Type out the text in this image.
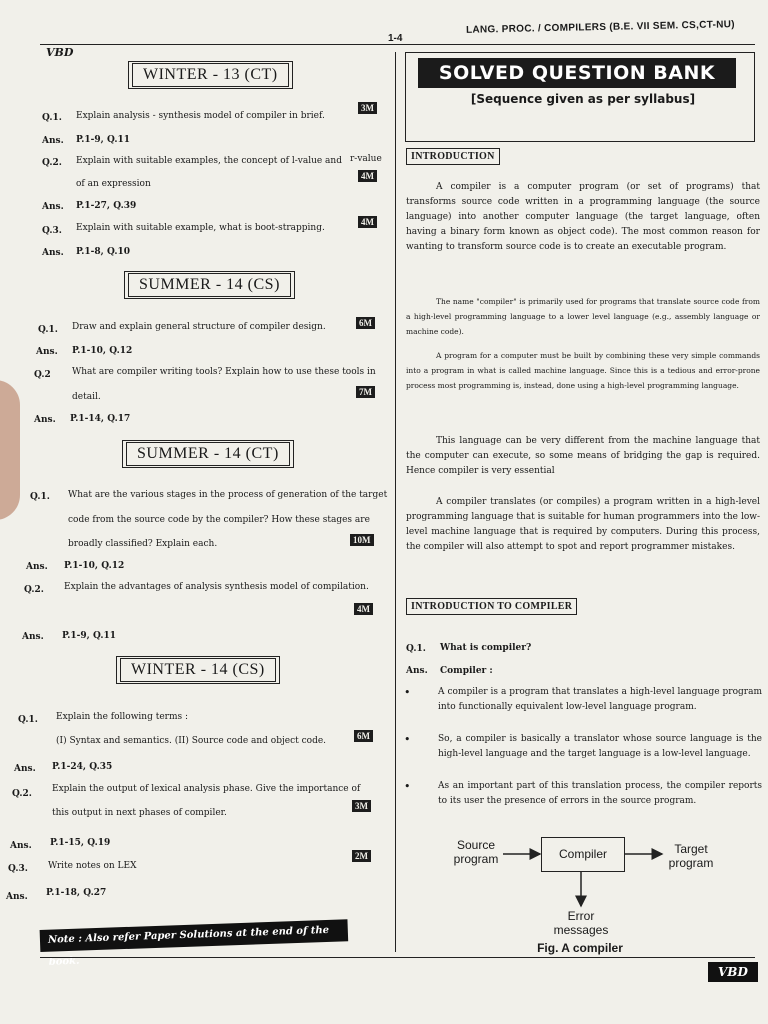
VBD
1-4
LANG. PROC. / COMPILERS (B.E. VII SEM. CS,CT-NU)
WINTER - 13 (CT)
Q.1. Explain analysis - synthesis model of compiler in brief.
3M
Ans. P.1-9, Q.11
Q.2. Explain with suitable examples, the concept of l-value and r-value
of an expression
4M
Ans. P.1-27, Q.39
Q.3. Explain with suitable example, what is boot-strapping.
4M
Ans. P.1-8, Q.10
SUMMER - 14 (CS)
Q.1. Draw and explain general structure of compiler design.	6M
Ans. P.1-10, Q.12
Q.2 What are compiler writing tools? Explain how to use these tools in
detail.	7M
Ans. P.1-14, Q.17
SUMMER - 14 (CT)
Q.1. What are the various stages in the process of generation of the target
code from the source code by the compiler? How these stages are
broadly classified? Explain each.	10M
Ans. P.1-10, Q.12
Q.2. Explain the advantages of analysis synthesis model of compilation.
4M
Ans. P.1-9, Q.11
WINTER - 14 (CS)
Q.1. Explain the following terms :
(I) Syntax and semantics. (II) Source code and object code.	6M
Ans. P.1-24, Q.35
Q.2. Explain the output of lexical analysis phase. Give the importance of
this output in next phases of compiler.
3M
Ans. P.1-15, Q.19
Q.3. Write notes on LEX
2M
Ans. P.1-18, Q.27
Note : Also refer Paper Solutions at the end of the book.
SOLVED QUESTION BANK
[Sequence given as per syllabus]
INTRODUCTION
A compiler is a computer program (or set of programs) that transforms source code written in a programming language (the source language) into another computer language (the target language, often having a binary form known as object code). The most common reason for wanting to transform source code is to create an executable program.
The name "compiler" is primarily used for programs that translate source code from a high-level programming language to a lower level language (e.g., assembly language or machine code).
A program for a computer must be built by combining these very simple commands into a program in what is called machine language. Since this is a tedious and error-prone process most programming is, instead, done using a high-level programming language.
This language can be very different from the machine language that the computer can execute, so some means of bridging the gap is required. Hence compiler is very essential
A compiler translates (or compiles) a program written in a high-level programming language that is suitable for human programmers into the low-level machine language that is required by computers. During this process, the compiler will also attempt to spot and report programmer mistakes.
INTRODUCTION TO COMPILER
Q.1. What is compiler?
Ans. Compiler :
•	A compiler is a program that translates a high-level language program into functionally equivalent low-level language program.
•	So, a compiler is basically a translator whose source language is the high-level language and the target language is a low-level language.
•	As an important part of this translation process, the compiler reports to its user the presence of errors in the source program.
Source program	Compiler	Target program
Error messages
Fig. A compiler
VBD
